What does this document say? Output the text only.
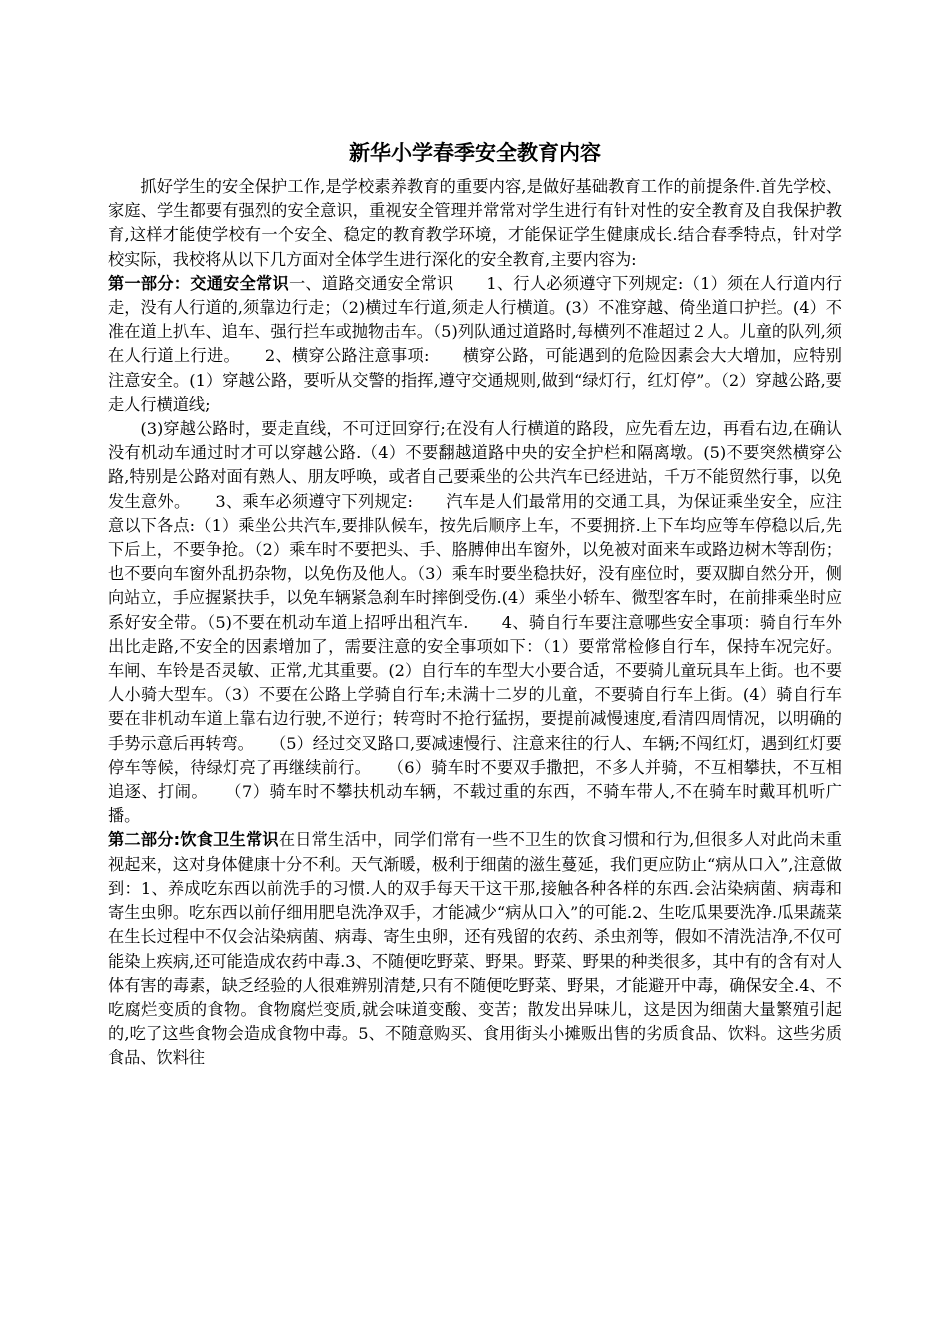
新华小学春季安全教育内容

抓好学生的安全保护工作,是学校素养教育的重要内容,是做好基础教育工作的前提条件.首先学校、家庭、学生都要有强烈的安全意识，重视安全管理并常常对学生进行有针对性的安全教育及自我保护教育,这样才能使学校有一个安全、稳定的教育教学环境，才能保证学生健康成长.结合春季特点，针对学校实际，我校将从以下几方面对全体学生进行深化的安全教育,主要内容为:

第一部分：交通安全常识一、道路交通安全常识　　1、行人必须遵守下列规定:（1）须在人行道内行走，没有人行道的,须靠边行走；（2)横过车行道,须走人行横道。(3）不准穿越、倚坐道口护拦。(4）不准在道上扒车、追车、强行拦车或抛物击车。（5)列队通过道路时,每横列不准超过２人。儿童的队列,须在人行道上行进。　　2、横穿公路注意事项:　　横穿公路，可能遇到的危险因素会大大增加，应特别注意安全。(1）穿越公路，要听从交警的指挥,遵守交通规则,做到“绿灯行，红灯停”。（2）穿越公路,要走人行横道线;

(3)穿越公路时，要走直线，不可迂回穿行;在没有人行横道的路段，应先看左边，再看右边,在确认没有机动车通过时才可以穿越公路.（4）不要翻越道路中央的安全护栏和隔离墩。(5)不要突然横穿公路,特别是公路对面有熟人、朋友呼唤，或者自己要乘坐的公共汽车已经进站，千万不能贸然行事，以免发生意外。　　3、乘车必须遵守下列规定:　　汽车是人们最常用的交通工具，为保证乘坐安全，应注意以下各点:（1）乘坐公共汽车,要排队候车，按先后顺序上车，不要拥挤.上下车均应等车停稳以后,先下后上，不要争抢。（2）乘车时不要把头、手、胳膊伸出车窗外，以免被对面来车或路边树木等刮伤；也不要向车窗外乱扔杂物，以免伤及他人。（3）乘车时要坐稳扶好，没有座位时，要双脚自然分开，侧向站立，手应握紧扶手，以免车辆紧急刹车时摔倒受伤.(4）乘坐小轿车、微型客车时，在前排乘坐时应系好安全带。（5)不要在机动车道上招呼出租汽车.　　4、骑自行车要注意哪些安全事项：骑自行车外出比走路,不安全的因素增加了，需要注意的安全事项如下：（1）要常常检修自行车，保持车况完好。车闸、车铃是否灵敏、正常,尤其重要。(2）自行车的车型大小要合适，不要骑儿童玩具车上街。也不要人小骑大型车。（3）不要在公路上学骑自行车;未满十二岁的儿童，不要骑自行车上街。(4）骑自行车要在非机动车道上靠右边行驶,不逆行；转弯时不抢行猛拐，要提前减慢速度,看清四周情况，以明确的手势示意后再转弯。　　（5）经过交叉路口,要减速慢行、注意来往的行人、车辆;不闯红灯，遇到红灯要停车等候，待绿灯亮了再继续前行。　　（6）骑车时不要双手撒把，不多人并骑，不互相攀扶，不互相追逐、打闹。　　（7）骑车时不攀扶机动车辆，不载过重的东西，不骑车带人,不在骑车时戴耳机听广播。

第二部分:饮食卫生常识在日常生活中，同学们常有一些不卫生的饮食习惯和行为,但很多人对此尚未重视起来，这对身体健康十分不利。天气渐暖，极利于细菌的滋生蔓延，我们更应防止“病从口入”,注意做到：1、养成吃东西以前洗手的习惯.人的双手每天干这干那,接触各种各样的东西.会沾染病菌、病毒和寄生虫卵。吃东西以前仔细用肥皂洗净双手，才能减少“病从口入”的可能.2、生吃瓜果要洗净.瓜果蔬菜在生长过程中不仅会沾染病菌、病毒、寄生虫卵，还有残留的农药、杀虫剂等，假如不清洗洁净,不仅可能染上疾病,还可能造成农药中毒.3、不随便吃野菜、野果。野菜、野果的种类很多，其中有的含有对人体有害的毒素，缺乏经验的人很难辨别清楚,只有不随便吃野菜、野果，才能避开中毒，确保安全.4、不吃腐烂变质的食物。食物腐烂变质,就会味道变酸、变苦；散发出异味儿，这是因为细菌大量繁殖引起的,吃了这些食物会造成食物中毒。5、不随意购买、食用街头小摊贩出售的劣质食品、饮料。这些劣质食品、饮料往
